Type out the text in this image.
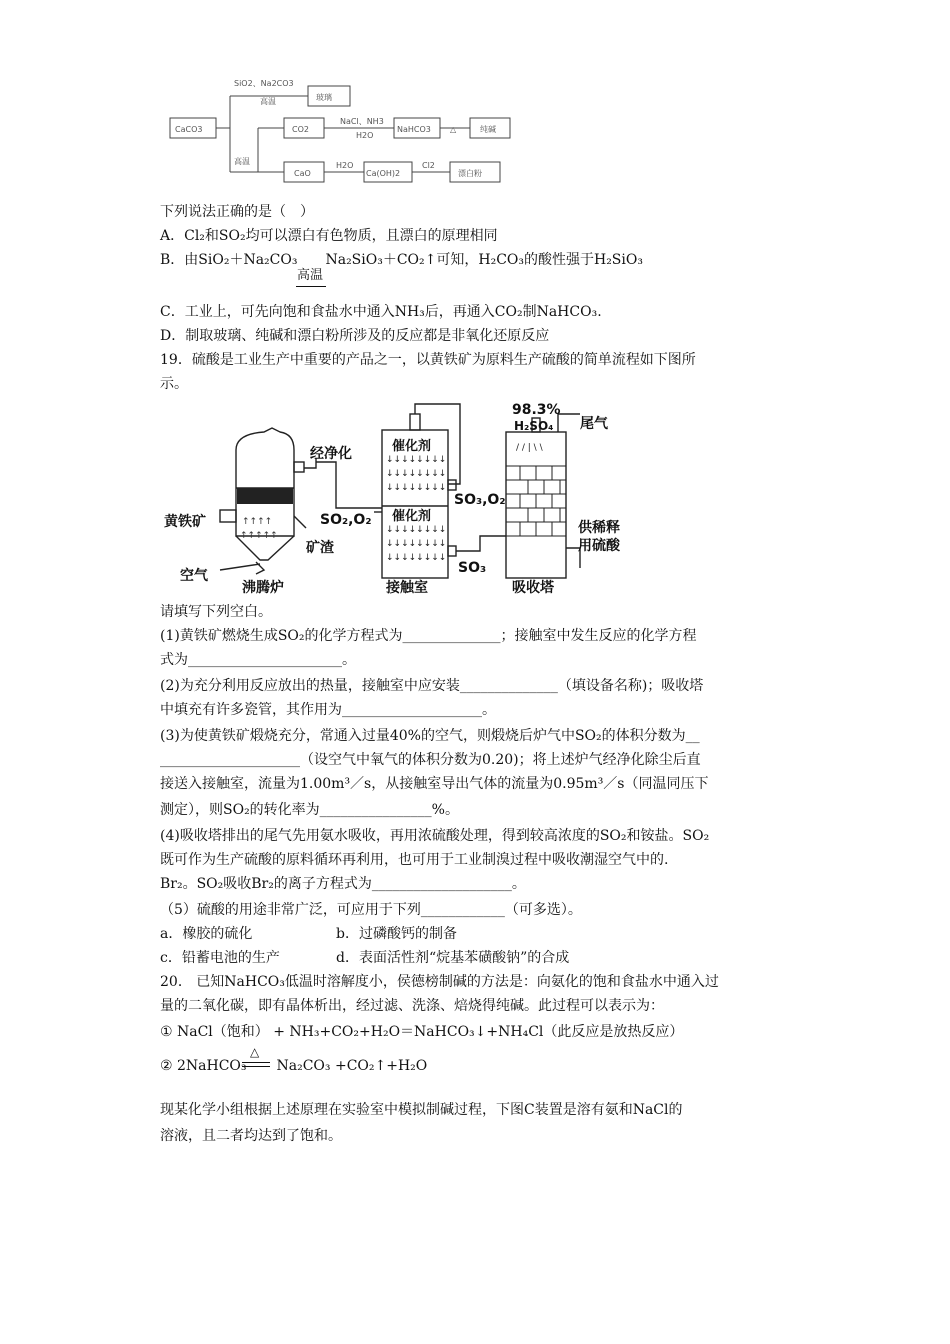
CaCO3
玻璃
CO2	NaHCO3	纯碱
CaO	Ca(OH)2	漂白粉
SiO2、Na2CO3
高温
NaCl、NH3
H2O
△
H2O	Cl2
高温
下列说法正确的是（　）
A．Cl₂和SO₂均可以漂白有色物质，且漂白的原理相同
B．由SiO₂＋Na₂CO₃ Na₂SiO₃＋CO₂↑可知，H₂CO₃的酸性强于H₂SiO₃
高温
C．工业上，可先向饱和食盐水中通入NH₃后，再通入CO₂制NaHCO₃.
D．制取玻璃、纯碱和漂白粉所涉及的反应都是非氧化还原反应
19．硫酸是工业生产中重要的产品之一，以黄铁矿为原料生产硫酸的简单流程如下图所
示。
↑↑↑↑
↑↑↑↑↑
↓↓↓↓↓↓↓↓
↓↓↓↓↓↓↓↓
↓↓↓↓↓↓↓↓
↓↓↓↓↓↓↓↓
↓↓↓↓↓↓↓↓
↓↓↓↓↓↓↓↓
/ / | \ \
黄铁矿
空气
沸腾炉
矿渣
经净化
SO₂,O₂
催化剂
催化剂
SO₃,O₂
SO₃
接触室
98.3%
H₂SO₄ 尾气
供稀释
用硫酸
吸收塔
请填写下列空白。
(1)黄铁矿燃烧生成SO₂的化学方程式为______________；接触室中发生反应的化学方程
式为______________________。
(2)为充分利用反应放出的热量，接触室中应安装______________（填设备名称)；吸收塔
中填充有许多瓷管，其作用为____________________。
(3)为使黄铁矿煅烧充分，常通入过量40%的空气，则煅烧后炉气中SO₂的体积分数为__
____________________（设空气中氧气的体积分数为0.20)；将上述炉气经净化除尘后直
接送入接触室，流量为1.00m³／s，从接触室导出气体的流量为0.95m³／s（同温同压下
测定），则SO₂的转化率为________________%。
(4)吸收塔排出的尾气先用氨水吸收，再用浓硫酸处理，得到较高浓度的SO₂和铵盐。SO₂
既可作为生产硫酸的原料循环再利用，也可用于工业制溴过程中吸收潮湿空气中的.
Br₂。SO₂吸收Br₂的离子方程式为____________________。
（5）硫酸的用途非常广泛，可应用于下列____________（可多选）。
a．橡胶的硫化	b．过磷酸钙的制备
c．铅蓄电池的生产	d．表面活性剂“烷基苯磺酸钠”的合成
20． 已知NaHCO₃低温时溶解度小，侯德榜制碱的方法是：向氨化的饱和食盐水中通入过
量的二氧化碳，即有晶体析出，经过滤、洗涤、焙烧得纯碱。此过程可以表示为：
① NaCl（饱和） + NH₃+CO₂+H₂O＝NaHCO₃↓+NH₄Cl（此反应是放热反应）
② 2NaHCO₃ Na₂CO₃ +CO₂↑+H₂O
△
现某化学小组根据上述原理在实验室中模拟制碱过程，下图C装置是溶有氨和NaCl的
溶液，且二者均达到了饱和。
